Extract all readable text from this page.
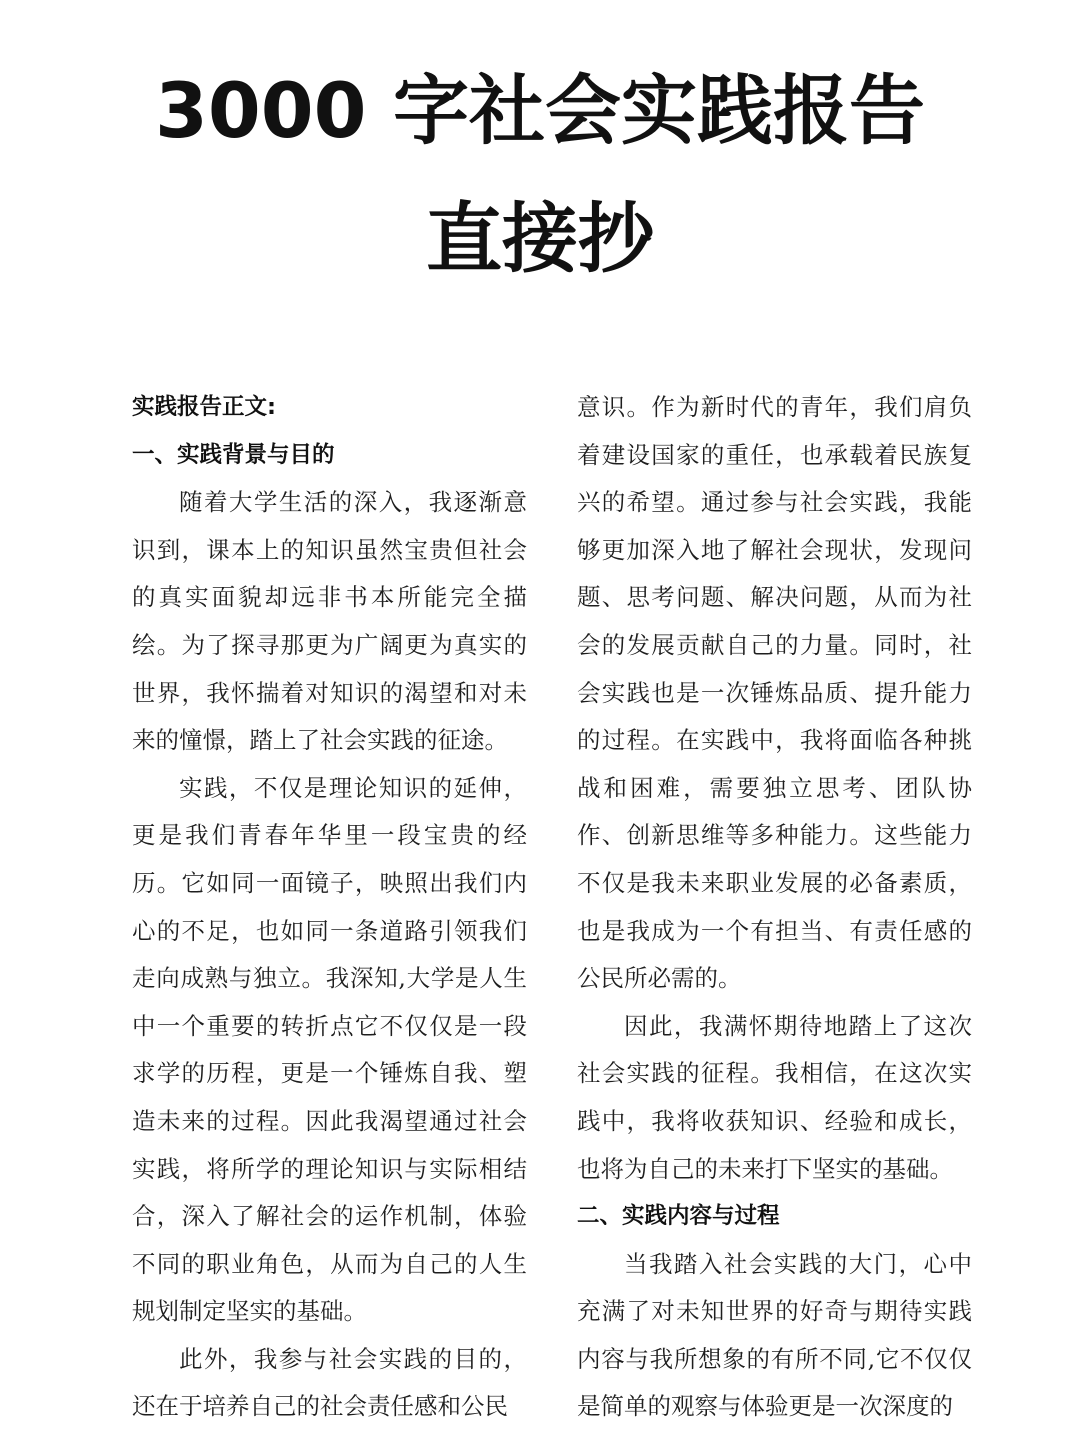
3000 字社会实践报告
直接抄

实践报告正文:

一、实践背景与目的

随着大学生活的深入，我逐渐意识到，课本上的知识虽然宝贵但社会的真实面貌却远非书本所能完全描绘。为了探寻那更为广阔更为真实的世界，我怀揣着对知识的渴望和对未来的憧憬，踏上了社会实践的征途。

实践，不仅是理论知识的延伸，更是我们青春年华里一段宝贵的经历。它如同一面镜子，映照出我们内心的不足，也如同一条道路引领我们走向成熟与独立。我深知,大学是人生中一个重要的转折点它不仅仅是一段求学的历程，更是一个锤炼自我、塑造未来的过程。因此我渴望通过社会实践，将所学的理论知识与实际相结合，深入了解社会的运作机制，体验不同的职业角色，从而为自己的人生规划制定坚实的基础。

此外，我参与社会实践的目的，还在于培养自己的社会责任感和公民

意识。作为新时代的青年，我们肩负着建设国家的重任，也承载着民族复兴的希望。通过参与社会实践，我能够更加深入地了解社会现状，发现问题、思考问题、解决问题，从而为社会的发展贡献自己的力量。同时，社会实践也是一次锤炼品质、提升能力的过程。在实践中，我将面临各种挑战和困难，需要独立思考、团队协作、创新思维等多种能力。这些能力不仅是我未来职业发展的必备素质，也是我成为一个有担当、有责任感的公民所必需的。

因此，我满怀期待地踏上了这次社会实践的征程。我相信，在这次实践中，我将收获知识、经验和成长，也将为自己的未来打下坚实的基础。

二、实践内容与过程

当我踏入社会实践的大门，心中充满了对未知世界的好奇与期待实践内容与我所想象的有所不同,它不仅仅是简单的观察与体验更是一次深度的
